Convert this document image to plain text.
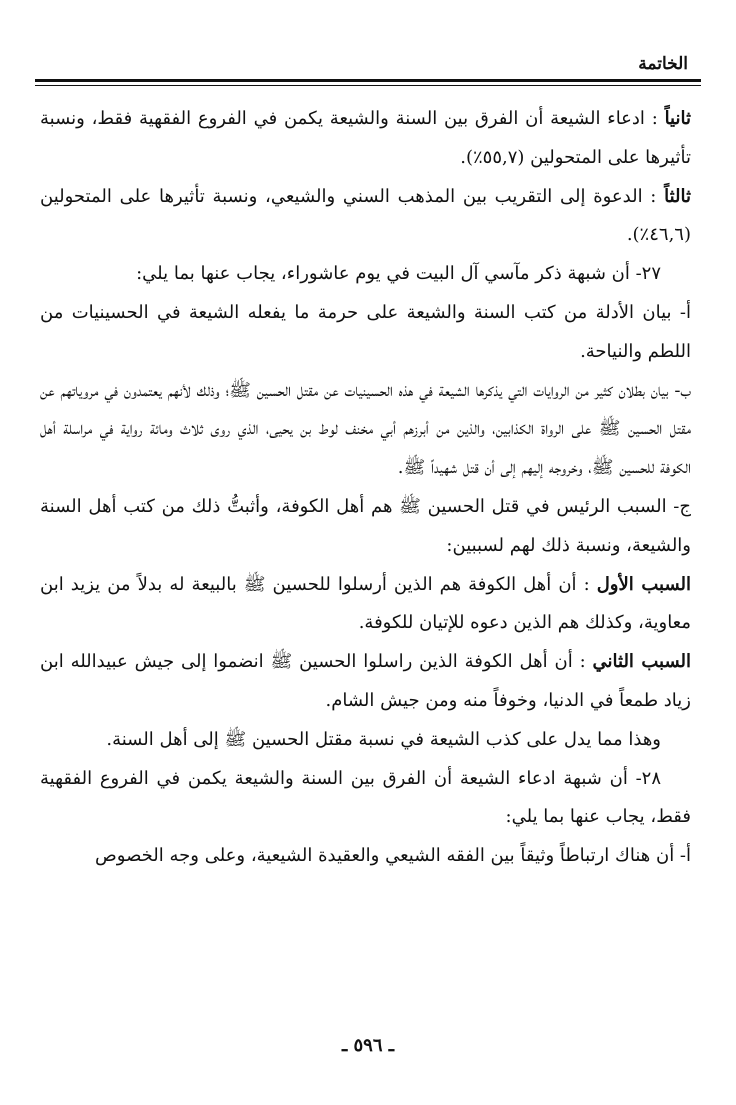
الخاتمة

ثانياً : ادعاء الشيعة أن الفرق بين السنة والشيعة يكمن في الفروع الفقهية فقط، ونسبة تأثيرها على المتحولين (٥٥,٧٪).

ثالثاً : الدعوة إلى التقريب بين المذهب السني والشيعي، ونسبة تأثيرها على المتحولين (٤٦,٦٪).

٢٧- أن شبهة ذكر مآسي آل البيت في يوم عاشوراء، يجاب عنها بما يلي:

أ- بيان الأدلة من كتب السنة والشيعة على حرمة ما يفعله الشيعة في الحسينيات من اللطم والنياحة.

ب- بيان بطلان كثير من الروايات التي يذكرها الشيعة في هذه الحسينيات عن مقتل الحسين ﷺ؛ وذلك لأنهم يعتمدون في مروياتهم عن مقتل الحسين ﷺ على الرواة الكذابين، والذين من أبرزهم أبي مخنف لوط بن يحيى، الذي روى ثلاث ومائة رواية في مراسلة أهل الكوفة للحسين ﷺ، وخروجه إليهم إلى أن قتل شهيداً ﷺ.

ج- السبب الرئيس في قتل الحسين ﷺ هم أهل الكوفة، وأثبتُّ ذلك من كتب أهل السنة والشيعة، ونسبة ذلك لهم لسببين:

السبب الأول : أن أهل الكوفة هم الذين أرسلوا للحسين ﷺ بالبيعة له بدلاً من يزيد ابن معاوية، وكذلك هم الذين دعوه للإتيان للكوفة.

السبب الثاني : أن أهل الكوفة الذين راسلوا الحسين ﷺ انضموا إلى جيش عبيدالله ابن زياد طمعاً في الدنيا، وخوفاً منه ومن جيش الشام.

وهذا مما يدل على كذب الشيعة في نسبة مقتل الحسين ﷺ إلى أهل السنة.

٢٨- أن شبهة ادعاء الشيعة أن الفرق بين السنة والشيعة يكمن في الفروع الفقهية فقط، يجاب عنها بما يلي:

أ- أن هناك ارتباطاً وثيقاً بين الفقه الشيعي والعقيدة الشيعية، وعلى وجه الخصوص

ـ ٥٩٦ ـ
